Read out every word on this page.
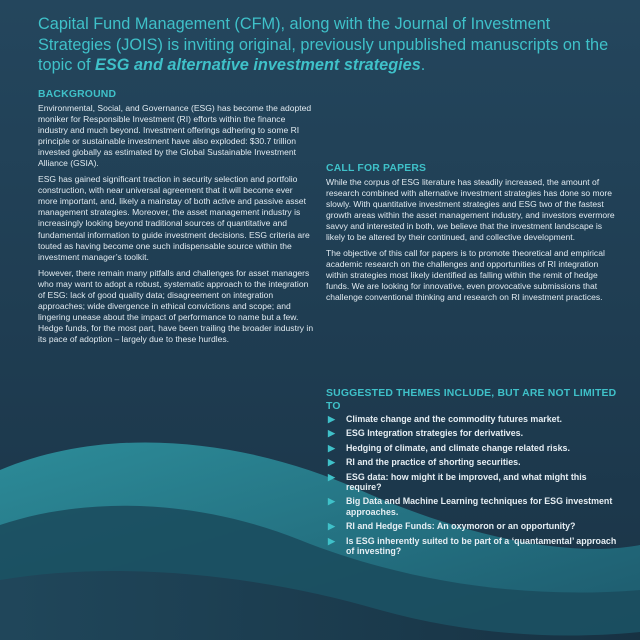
Capital Fund Management (CFM), along with the Journal of Investment Strategies (JOIS) is inviting original, previously unpublished manuscripts on the topic of ESG and alternative investment strategies.

BACKGROUND

Environmental, Social, and Governance (ESG) has become the adopted moniker for Responsible Investment (RI) efforts within the finance industry and much beyond. Investment offerings adhering to some RI principle or sustainable investment have also exploded: $30.7 trillion invested globally as estimated by the Global Sustainable Investment Alliance (GSIA).

ESG has gained significant traction in security selection and portfolio construction, with near universal agreement that it will become ever more important, and, likely a mainstay of both active and passive asset management strategies. Moreover, the asset management industry is increasingly looking beyond traditional sources of quantitative and fundamental information to guide investment decisions. ESG criteria are touted as having become one such indispensable source within the investment manager’s toolkit.

However, there remain many pitfalls and challenges for asset managers who may want to adopt a robust, systematic approach to the integration of ESG: lack of good quality data; disagreement on integration approaches; wide divergence in ethical convictions and scope; and lingering unease about the impact of performance to name but a few. Hedge funds, for the most part, have been trailing the broader industry in its pace of adoption – largely due to these hurdles.

CALL FOR PAPERS

While the corpus of ESG literature has steadily increased, the amount of research combined with alternative investment strategies has done so more slowly. With quantitative investment strategies and ESG two of the fastest growth areas within the asset management industry, and investors evermore savvy and interested in both, we believe that the investment landscape is likely to be altered by their continued, and collective development.

The objective of this call for papers is to promote theoretical and empirical academic research on the challenges and opportunities of RI integration within strategies most likely identified as falling within the remit of hedge funds. We are looking for innovative, even provocative submissions that challenge conventional thinking and research on RI investment practices.

SUGGESTED THEMES INCLUDE, BUT ARE NOT LIMITED TO
▶ Climate change and the commodity futures market.
▶ ESG Integration strategies for derivatives.
▶ Hedging of climate, and climate change related risks.
▶ RI and the practice of shorting securities.
▶ ESG data: how might it be improved, and what might this require?
▶ Big Data and Machine Learning techniques for ESG investment approaches.
▶ RI and Hedge Funds: An oxymoron or an opportunity?
▶ Is ESG inherently suited to be part of a ‘quantamental’ approach of investing?
